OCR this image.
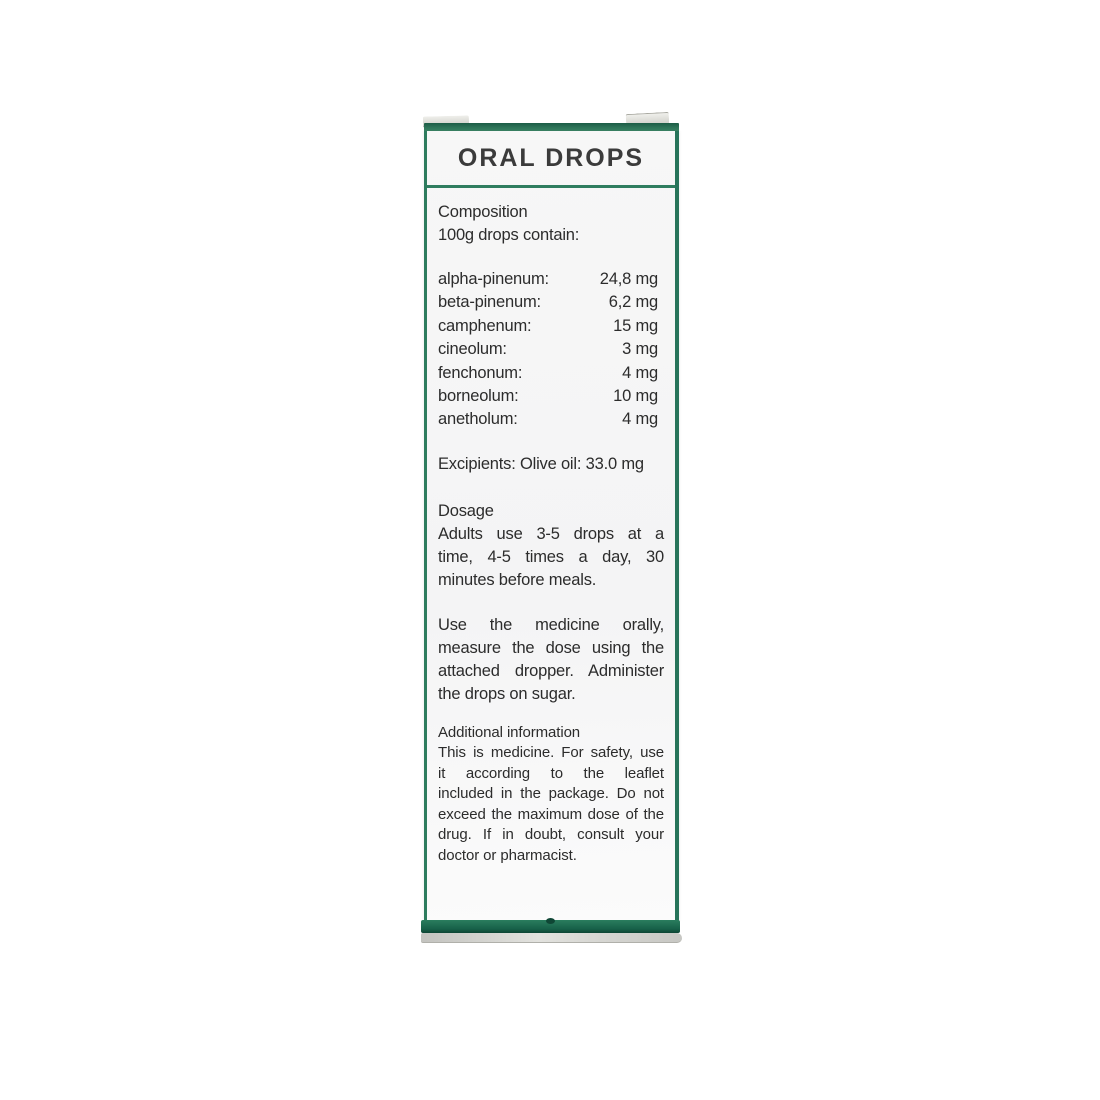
ORAL DROPS
Composition
100g drops contain:
alpha-pinenum:	24,8 mg
beta-pinenum:	6,2 mg
camphenum:	15 mg
cineolum:	3 mg
fenchonum:	4 mg
borneolum:	10 mg
anetholum:	4 mg
Excipients: Olive oil: 33.0 mg
Dosage
Adults use 3-5 drops at a
time, 4-5 times a day, 30
minutes before meals.
Use the medicine orally,
measure the dose using the
attached dropper. Administer
the drops on sugar.
Additional information
This is medicine. For safety, use
it according to the leaflet
included in the package. Do not
exceed the maximum dose of the
drug. If in doubt, consult your
doctor or pharmacist.
